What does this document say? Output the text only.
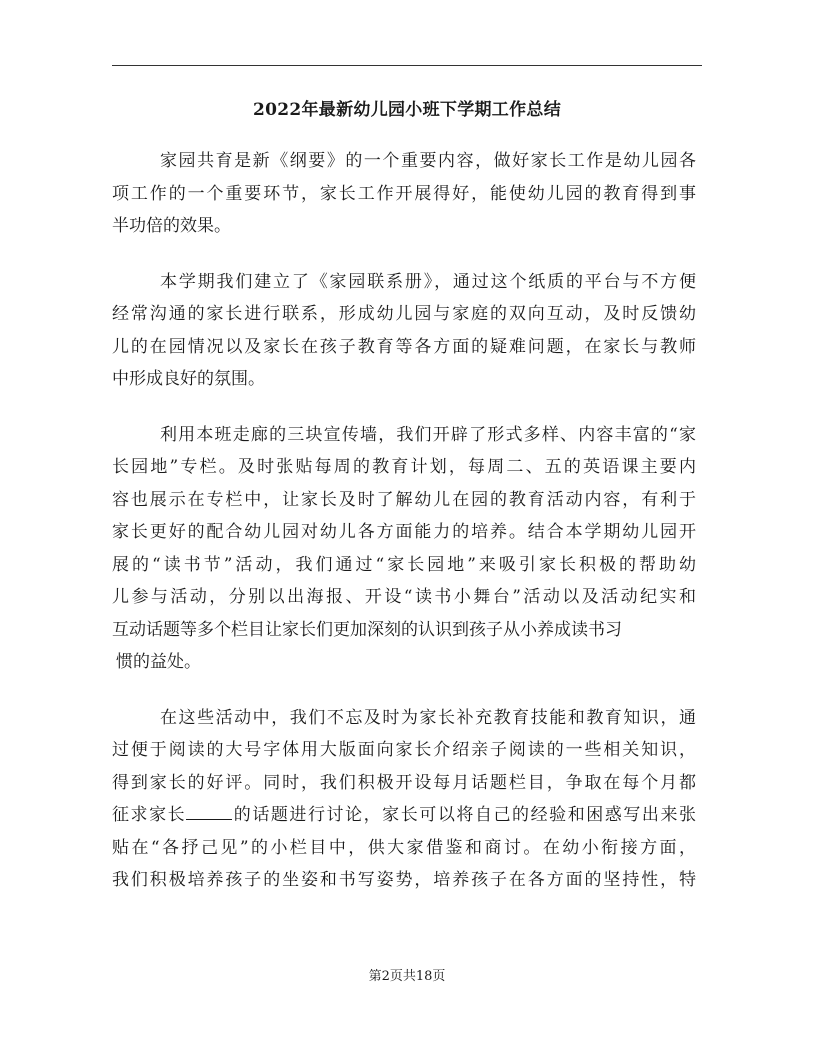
2022年最新幼儿园小班下学期工作总结

家园共育是新《纲要》的一个重要内容，做好家长工作是幼儿园各
项工作的一个重要环节，家长工作开展得好，能使幼儿园的教育得到事
半功倍的效果。

本学期我们建立了《家园联系册》，通过这个纸质的平台与不方便
经常沟通的家长进行联系，形成幼儿园与家庭的双向互动，及时反馈幼
儿的在园情况以及家长在孩子教育等各方面的疑难问题，在家长与教师
中形成良好的氛围。

利用本班走廊的三块宣传墙，我们开辟了形式多样、内容丰富的“家
长园地”专栏。及时张贴每周的教育计划，每周二、五的英语课主要内
容也展示在专栏中，让家长及时了解幼儿在园的教育活动内容，有利于
家长更好的配合幼儿园对幼儿各方面能力的培养。结合本学期幼儿园开
展的“读书节”活动，我们通过“家长园地”来吸引家长积极的帮助幼
儿参与活动，分别以出海报、开设“读书小舞台”活动以及活动纪实和
互动话题等多个栏目让家长们更加深刻的认识到孩子从小养成读书习
惯的益处。

在这些活动中，我们不忘及时为家长补充教育技能和教育知识，通
过便于阅读的大号字体用大版面向家长介绍亲子阅读的一些相关知识，
得到家长的好评。同时，我们积极开设每月话题栏目，争取在每个月都
征求家长	的话题进行讨论，家长可以将自己的经验和困惑写出来张
贴在“各抒己见”的小栏目中，供大家借鉴和商讨。在幼小衔接方面，
我们积极培养孩子的坐姿和书写姿势，培养孩子在各方面的坚持性，特

第2页共18页
